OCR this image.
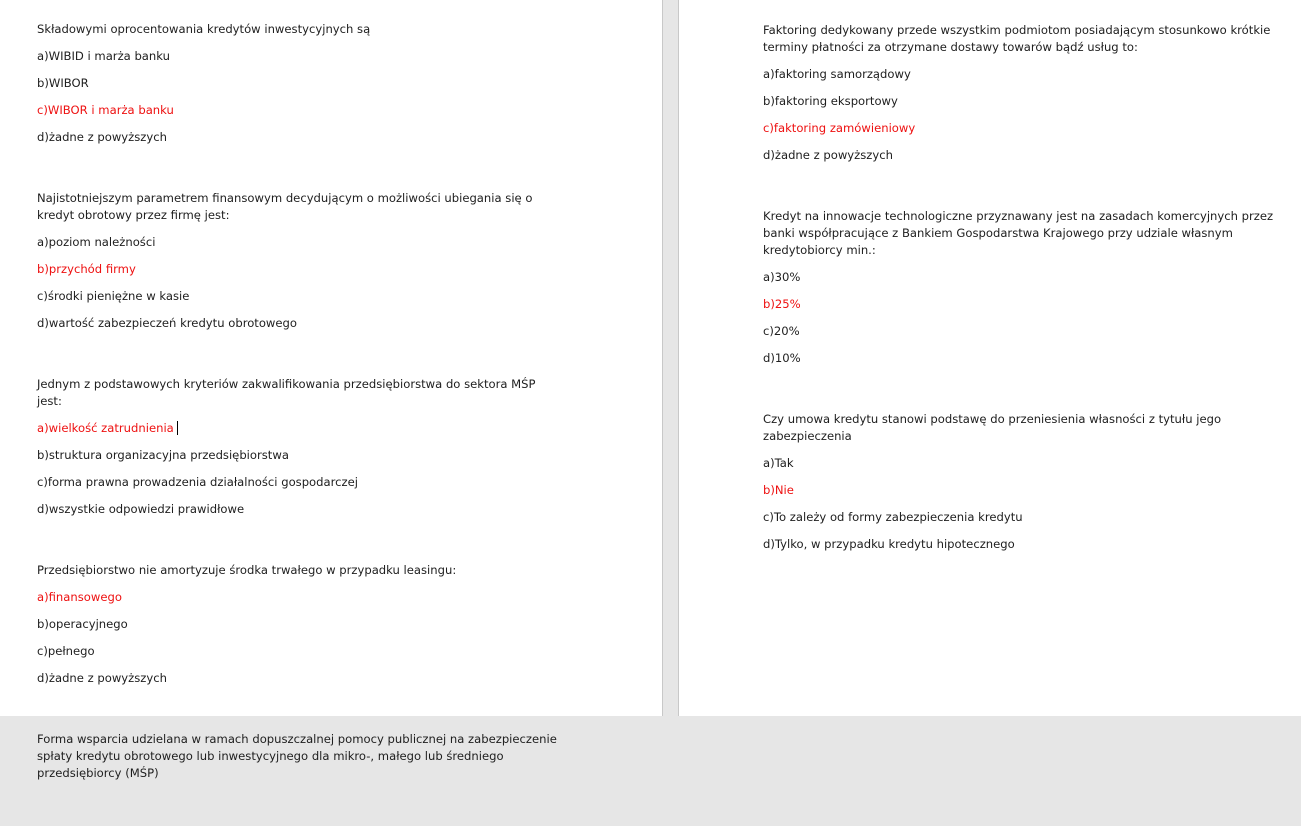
Składowymi oprocentowania kredytów inwestycyjnych są
a)WIBID i marża banku
b)WIBOR
c)WIBOR i marża banku
d)żadne z powyższych
Najistotniejszym parametrem finansowym decydującym o możliwości ubiegania się o kredyt obrotowy przez firmę jest:
a)poziom należności
b)przychód firmy
c)środki pieniężne w kasie
d)wartość zabezpieczeń kredytu obrotowego
Jednym z podstawowych kryteriów zakwalifikowania przedsiębiorstwa do sektora MŚP jest:
a)wielkość zatrudnienia
b)struktura organizacyjna przedsiębiorstwa
c)forma prawna prowadzenia działalności gospodarczej
d)wszystkie odpowiedzi prawidłowe
Przedsiębiorstwo nie amortyzuje środka trwałego w przypadku leasingu:
a)finansowego
b)operacyjnego
c)pełnego
d)żadne z powyższych
Forma wsparcia udzielana w ramach dopuszczalnej pomocy publicznej na zabezpieczenie spłaty kredytu obrotowego lub inwestycyjnego dla mikro-, małego lub średniego przedsiębiorcy (MŚP)
Faktoring dedykowany przede wszystkim podmiotom posiadającym stosunkowo krótkie terminy płatności za otrzymane dostawy towarów bądź usług to:
a)faktoring samorządowy
b)faktoring eksportowy
c)faktoring zamówieniowy
d)żadne z powyższych
Kredyt na innowacje technologiczne przyznawany jest na zasadach komercyjnych przez banki współpracujące z Bankiem Gospodarstwa Krajowego przy udziale własnym kredytobiorcy min.:
a)30%
b)25%
c)20%
d)10%
Czy umowa kredytu stanowi podstawę do przeniesienia własności z tytułu jego zabezpieczenia
a)Tak
b)Nie
c)To zależy od formy zabezpieczenia kredytu
d)Tylko, w przypadku kredytu hipotecznego
